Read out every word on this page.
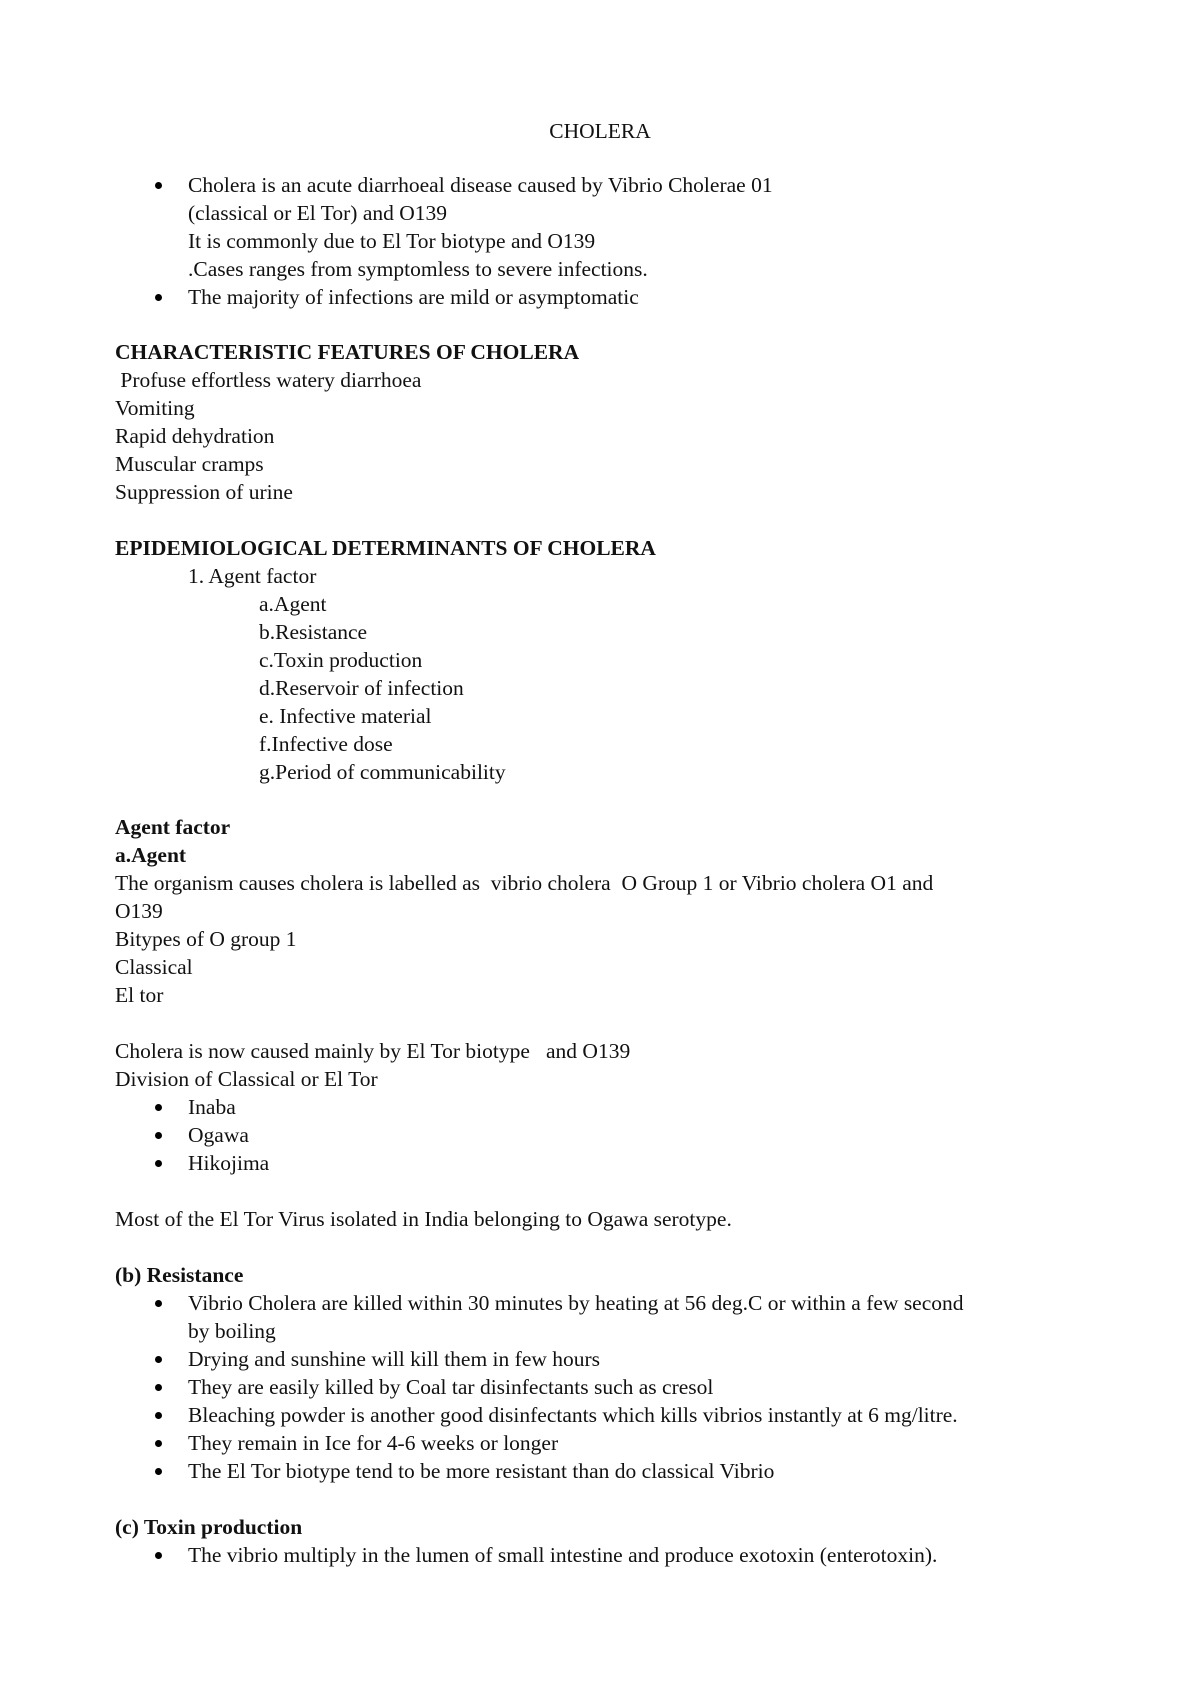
CHOLERA
Cholera is an acute diarrhoeal disease caused by Vibrio Cholerae 01
(classical or El Tor) and O139
It is commonly due to El Tor biotype and O139
.Cases ranges from symptomless to severe infections.
The majority of infections are mild or asymptomatic
CHARACTERISTIC FEATURES OF CHOLERA
Profuse effortless watery diarrhoea
Vomiting
Rapid dehydration
Muscular cramps
Suppression of urine
EPIDEMIOLOGICAL DETERMINANTS OF CHOLERA
1. Agent factor
a.Agent
b.Resistance
c.Toxin production
d.Reservoir of infection
e. Infective material
f.Infective dose
g.Period of communicability
Agent factor
a.Agent
The organism causes cholera is labelled as  vibrio cholera  O Group 1 or Vibrio cholera O1 and
O139
Bitypes of O group 1
Classical
El tor
Cholera is now caused mainly by El Tor biotype   and O139
Division of Classical or El Tor
Inaba
Ogawa
Hikojima
Most of the El Tor Virus isolated in India belonging to Ogawa serotype.
(b) Resistance
Vibrio Cholera are killed within 30 minutes by heating at 56 deg.C or within a few second
by boiling
Drying and sunshine will kill them in few hours
They are easily killed by Coal tar disinfectants such as cresol
Bleaching powder is another good disinfectants which kills vibrios instantly at 6 mg/litre.
They remain in Ice for 4-6 weeks or longer
The El Tor biotype tend to be more resistant than do classical Vibrio
(c) Toxin production
The vibrio multiply in the lumen of small intestine and produce exotoxin (enterotoxin).
